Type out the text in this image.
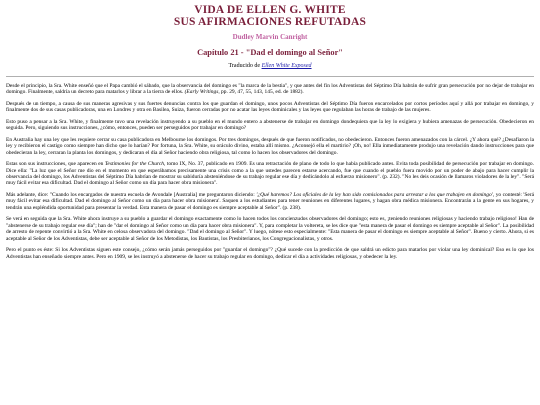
VIDA DE ELLEN G. WHITE
SUS AFIRMACIONES REFUTADAS
Dudley Marvin Canright
Capítulo 21 - "Dad el domingo al Señor"
Traducido de Ellen White Exposed

Desde el principio, la Sra. White enseñó que el Papa cambió el sábado, que la observancia del domingo es "la marca de la bestia", y que antes del fin los Adventistas del Séptimo Día habrán de sufrir gran persecución por no dejar de trabajar en domingo. Finalmente, saldría un decreto para matarlos y librar a la tierra de ellos. (Early Writings, pp. 29, 47, 55, 143, 145, ed. de 1882).

Después de un tiempo, a causa de sus maneras agresivas y sus fuertes denuncias contra los que guardan el domingo, unos pocos Adventistas del Séptimo Día fueron encarcelados por cortos períodos aquí y allá por trabajar en domingo, y finalmente dos de sus casas publicadoras, una en Londres y otra en Basilea, Suiza, fueron cerradas por no acatar las leyes dominicales y las leyes que regulaban las horas de trabajo de las mujeres.

Esto puso a pensar a la Sra. White, y finalmente tuvo una revelación instruyendo a su pueblo en el mundo entero a abstenerse de trabajar en domingo dondequiera que la ley lo exigiera y hubiera amenazas de persecución. Obedecieron en seguida. Pero, siguiendo sus instrucciones, ¿cómo, entonces, pueden ser perseguidos por trabajar en domingo?

En Australia hay una ley que les requiere cerrar su casa publicadora en Melbourne los domingos. Por tres domingos, después de que fueron notificados, no obedecieron. Entonces fueron amenazados con la cárcel. ¿Y ahora qué? ¿Desafiaron la ley y recibieron el castigo como siempre han dicho que lo harían? Por fortuna, la Sra. White, su oráculo divino, estaba allí mismo. ¿Aconsejó ella el martirio? ¡Oh, no! Ella inmediatamente produjo una revelación dando instrucciones para que obedecieran la ley, cerraran la planta los domingos, y dedicaran el día al Señor haciendo obra religiosa, tal como lo hacen los observadores del domingo.

Estas son sus instrucciones, que aparecen en Testimonies for the Church, tomo IX, No. 37, publicado en 1909. Es una retractación de plano de todo lo que había publicado antes. Evita toda posibilidad de persecución por trabajar en domingo. Dice ella: "La luz que el Señor me dio en el momento en que esperábamos precisamente una crisis como a la que ustedes parecen estarse acercando, fue que cuando el pueblo fuera movido por un poder de abajo para hacer cumplir la observancia del domingo, los Adventistas del Séptimo Día habrían de mostrar su sabiduría absteniéndose de su trabajo regular ese día y dedicándolo al esfuerzo misionero". (p. 232). "No les deis ocasión de llamaros violadores de la ley". "Será muy fácil evitar esa dificultad. Dad el domingo al Señor como un día para hacer obra misionera".

Más adelante, dice: "Cuando los encargados de nuestra escuela de Avondale [Australia] me preguntaron diciendo: '¿Qué haremos? Los oficiales de la ley han sido comisionados para arrestar a los que trabajen en domingo', yo contesté: 'Será muy fácil evitar esa dificultad. Dad el domingo al Señor como un día para hacer obra misionera'. Saquen a los estudiantes para tener reuniones en diferentes lugares, y hagan obra médica misionera. Encontrarán a la gente en sus hogares, y tendrán una espléndida oportunidad para presentar la verdad. Esta manera de pasar el domingo es siempre aceptable al Señor". (p. 238).

Se verá en seguida que la Sra. White ahora instruye a su pueblo a guardar el domingo exactamente como lo hacen todos los concienzudos observadores del domingo; esto es, ¡teniendo reuniones religiosas y haciendo trabajo religioso! Han de "abstenerse de su trabajo regular ese día"; han de "dar el domingo al Señor como un día para hacer obra misionera". Y, para completar la voltereta, se les dice que "esta manera de pasar el domingo es siempre aceptable al Señor". La posibilidad de arresto de repente convirtió a la Sra. White en celosa observadora del domingo. "Dad el domingo al Señor". Y luego, nótese esto especialmente: "Esta manera de pasar el domingo es siempre aceptable al Señor". Bueno y cierto. Ahora, si es aceptable al Señor de los Adventistas, debe ser aceptable al Señor de los Metodistas, los Bautistas, los Presbiterianos, los Congregacionalistas, y otros.

Pero el punto es éste: Si los Adventistas siguen este consejo, ¿cómo serán jamás perseguidos por "guardar el domingo"? ¿Qué sucede con la predicción de que saldrá un edicto para matarlos por violar una ley dominical? Eso es lo que los Adventistas han enseñado siempre antes. Pero en 1909, se les instruyó a abstenerse de hacer su trabajo regular en domingo, dedicar el día a actividades religiosas, y obedecer la ley.
